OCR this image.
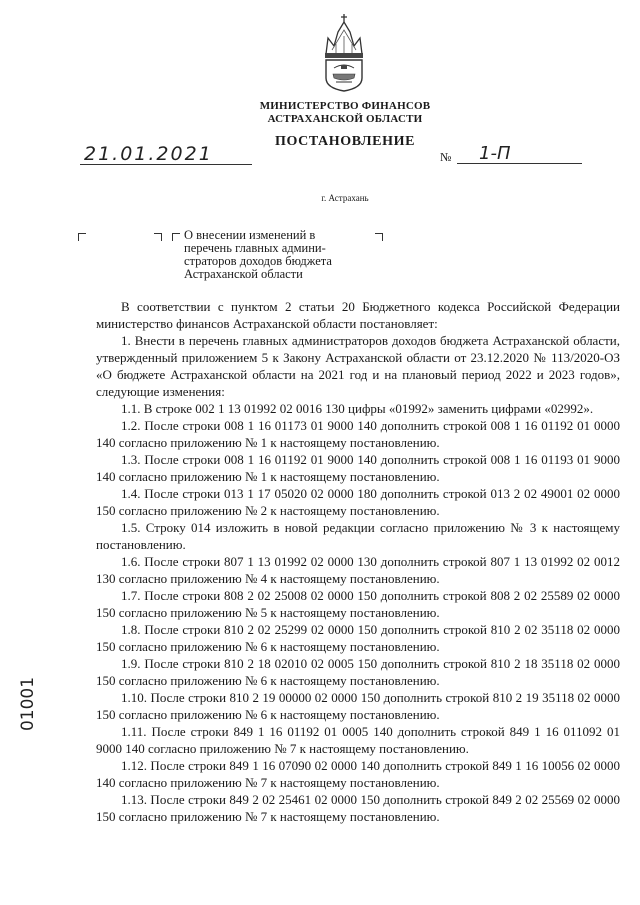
МИНИСТЕРСТВО ФИНАНСОВ
АСТРАХАНСКОЙ ОБЛАСТИ
ПОСТАНОВЛЕНИЕ
21.01.2021	№	1-П
г. Астрахань
О внесении изменений в
перечень главных админи-
страторов доходов бюджета
Астраханской области

В соответствии с пунктом 2 статьи 20 Бюджетного кодекса Российской Федерации министерство финансов Астраханской области постановляет:

1. Внести в перечень главных администраторов доходов бюджета Астраханской области, утвержденный приложением 5 к Закону Астраханской области от 23.12.2020 № 113/2020-ОЗ «О бюджете Астраханской области на 2021 год и на плановый период 2022 и 2023 годов», следующие изменения:

1.1. В строке 002 1 13 01992 02 0016 130 цифры «01992» заменить цифрами «02992».

1.2. После строки 008 1 16 01173 01 9000 140 дополнить строкой 008 1 16 01192 01 0000 140 согласно приложению № 1 к настоящему постановлению.

1.3. После строки 008 1 16 01192 01 9000 140 дополнить строкой 008 1 16 01193 01 9000 140 согласно приложению № 1 к настоящему постановлению.

1.4. После строки 013 1 17 05020 02 0000 180 дополнить строкой 013 2 02 49001 02 0000 150 согласно приложению № 2 к настоящему постановлению.

1.5. Строку 014 изложить в новой редакции согласно приложению № 3 к настоящему постановлению.

1.6. После строки 807 1 13 01992 02 0000 130 дополнить строкой 807 1 13 01992 02 0012 130 согласно приложению № 4 к настоящему постановлению.

1.7. После строки 808 2 02 25008 02 0000 150 дополнить строкой 808 2 02 25589 02 0000 150 согласно приложению № 5 к настоящему постановлению.

1.8. После строки 810 2 02 25299 02 0000 150 дополнить строкой 810 2 02 35118 02 0000 150 согласно приложению № 6 к настоящему постановлению.

1.9. После строки 810 2 18 02010 02 0005 150 дополнить строкой 810 2 18 35118 02 0000 150 согласно приложению № 6 к настоящему постановлению.

1.10. После строки 810 2 19 00000 02 0000 150 дополнить строкой 810 2 19 35118 02 0000 150 согласно приложению № 6 к настоящему постановлению.

1.11. После строки 849 1 16 01192 01 0005 140 дополнить строкой 849 1 16 011092 01 9000 140 согласно приложению № 7 к настоящему постановлению.

1.12. После строки 849 1 16 07090 02 0000 140 дополнить строкой 849 1 16 10056 02 0000 140 согласно приложению № 7 к настоящему постановлению.

1.13. После строки 849 2 02 25461 02 0000 150 дополнить строкой 849 2 02 25569 02 0000 150 согласно приложению № 7 к настоящему постановлению.

01001
